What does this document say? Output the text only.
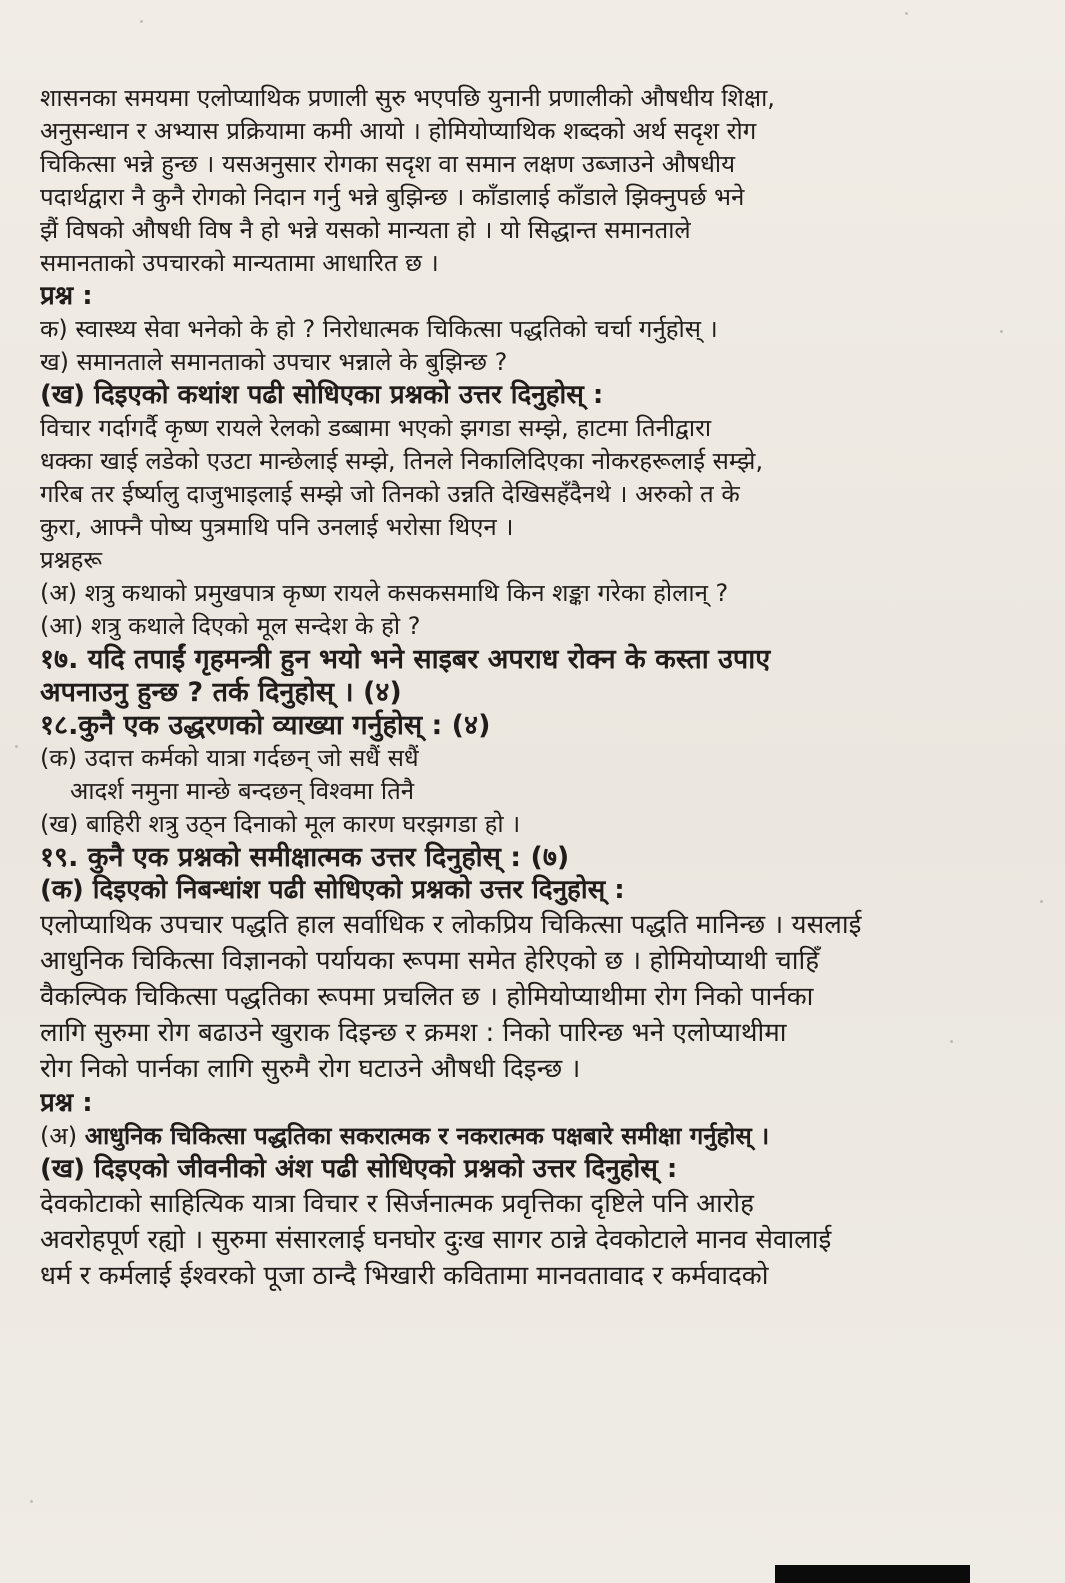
शासनका समयमा एलोप्याथिक प्रणाली सुरु भएपछि युनानी प्रणालीको औषधीय शिक्षा,
अनुसन्धान र अभ्यास प्रक्रियामा कमी आयो । होमियोप्याथिक शब्दको अर्थ सदृश रोग
चिकित्सा भन्ने हुन्छ । यसअनुसार रोगका सदृश वा समान लक्षण उब्जाउने औषधीय
पदार्थद्वारा नै कुनै रोगको निदान गर्नु भन्ने बुझिन्छ । काँडालाई काँडाले झिक्नुपर्छ भने
झैं विषको औषधी विष नै हो भन्ने यसको मान्यता हो । यो सिद्धान्त समानताले
समानताको उपचारको मान्यतामा आधारित छ ।
प्रश्न :
क) स्वास्थ्य सेवा भनेको के हो ? निरोधात्मक चिकित्सा पद्धतिको चर्चा गर्नुहोस् ।
ख) समानताले समानताको उपचार भन्नाले के बुझिन्छ ?
(ख) दिइएको कथांश पढी सोधिएका प्रश्नको उत्तर दिनुहोस् :
विचार गर्दागर्दै कृष्ण रायले रेलको डब्बामा भएको झगडा सम्झे, हाटमा तिनीद्वारा
धक्का खाई लडेको एउटा मान्छेलाई सम्झे, तिनले निकालिदिएका नोकरहरूलाई सम्झे,
गरिब तर ईर्ष्यालु दाजुभाइलाई सम्झे जो तिनको उन्नति देखिसहँदैनथे । अरुको त के
कुरा, आफ्नै पोष्य पुत्रमाथि पनि उनलाई भरोसा थिएन ।
प्रश्नहरू
(अ) शत्रु कथाको प्रमुखपात्र कृष्ण रायले कसकसमाथि किन शङ्का गरेका होलान् ?
(आ) शत्रु कथाले दिएको मूल सन्देश के हो ?
१७. यदि तपाईं गृहमन्त्री हुन भयो भने साइबर अपराध रोक्न के कस्ता उपाए
अपनाउनु हुन्छ ? तर्क दिनुहोस् । (४)
१८.कुनै एक उद्धरणको व्याख्या गर्नुहोस् : (४)
(क) उदात्त कर्मको यात्रा गर्दछन् जो सधैं सधैं
आदर्श नमुना मान्छे बन्दछन् विश्वमा तिनै
(ख) बाहिरी शत्रु उठ्न दिनाको मूल कारण घरझगडा हो ।
१९. कुनै एक प्रश्नको समीक्षात्मक उत्तर दिनुहोस् : (७)
(क) दिइएको निबन्धांश पढी सोधिएको प्रश्नको उत्तर दिनुहोस् :
एलोप्याथिक उपचार पद्धति हाल सर्वाधिक र लोकप्रिय चिकित्सा पद्धति मानिन्छ । यसलाई
आधुनिक चिकित्सा विज्ञानको पर्यायका रूपमा समेत हेरिएको छ । होमियोप्याथी चाहिँ
वैकल्पिक चिकित्सा पद्धतिका रूपमा प्रचलित छ । होमियोप्याथीमा रोग निको पार्नका
लागि सुरुमा रोग बढाउने खुराक दिइन्छ र क्रमश : निको पारिन्छ भने एलोप्याथीमा
रोग निको पार्नका लागि सुरुमै रोग घटाउने औषधी दिइन्छ ।
प्रश्न :
(अ) आधुनिक चिकित्सा पद्धतिका सकरात्मक र नकरात्मक पक्षबारे समीक्षा गर्नुहोस् ।
(ख) दिइएको जीवनीको अंश पढी सोधिएको प्रश्नको उत्तर दिनुहोस् :
देवकोटाको साहित्यिक यात्रा विचार र सिर्जनात्मक प्रवृत्तिका दृष्टिले पनि आरोह
अवरोहपूर्ण रह्यो । सुरुमा संसारलाई घनघोर दुःख सागर ठान्ने देवकोटाले मानव सेवालाई
धर्म र कर्मलाई ईश्वरको पूजा ठान्दै भिखारी कवितामा मानवतावाद र कर्मवादको
